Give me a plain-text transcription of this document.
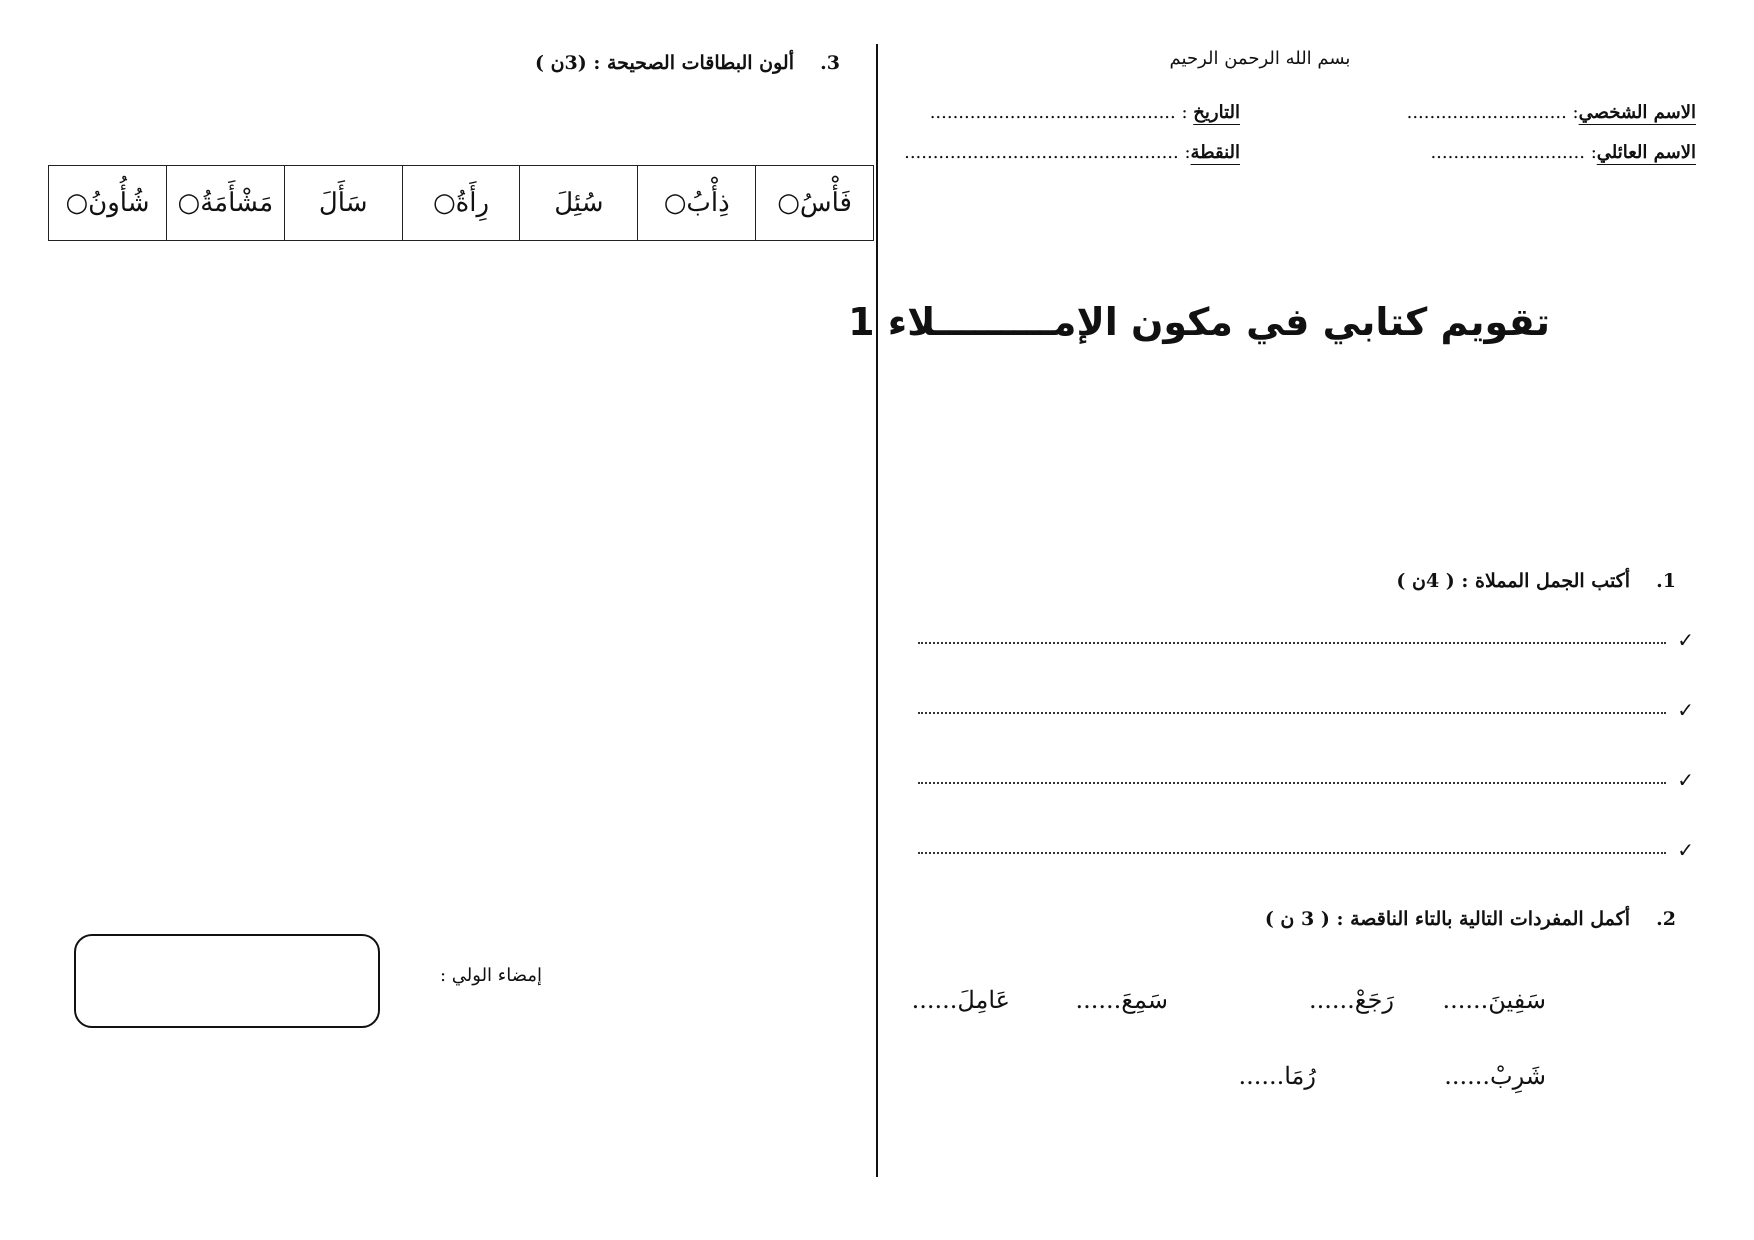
بسم الله الرحمن الرحيم
الاسم الشخصي: ............................
الاسم العائلي: ...........................
التاريخ : ...........................................
النقطة: ................................................
تقويم كتابي في مكون الإمـــــــــلاء 1
1.أكتب الجمل المملاة : ( 4ن )
✓
✓
✓
✓
2.أكمل المفردات التالية بالتاء الناقصة : ( 3 ن )
سَفِينَ......
رَجَعْ......
سَمِعَ......
عَامِلَ......
شَرِبْ......
رُمَا......
3.ألون البطاقات الصحيحة : (3ن )
فَأْسُ○	ذِأْبُ○	سُئِلَ	رِأَةُ○	سَأَلَ	مَشْأَمَةُ○	شُأُونُ○
إمضاء الولي :
